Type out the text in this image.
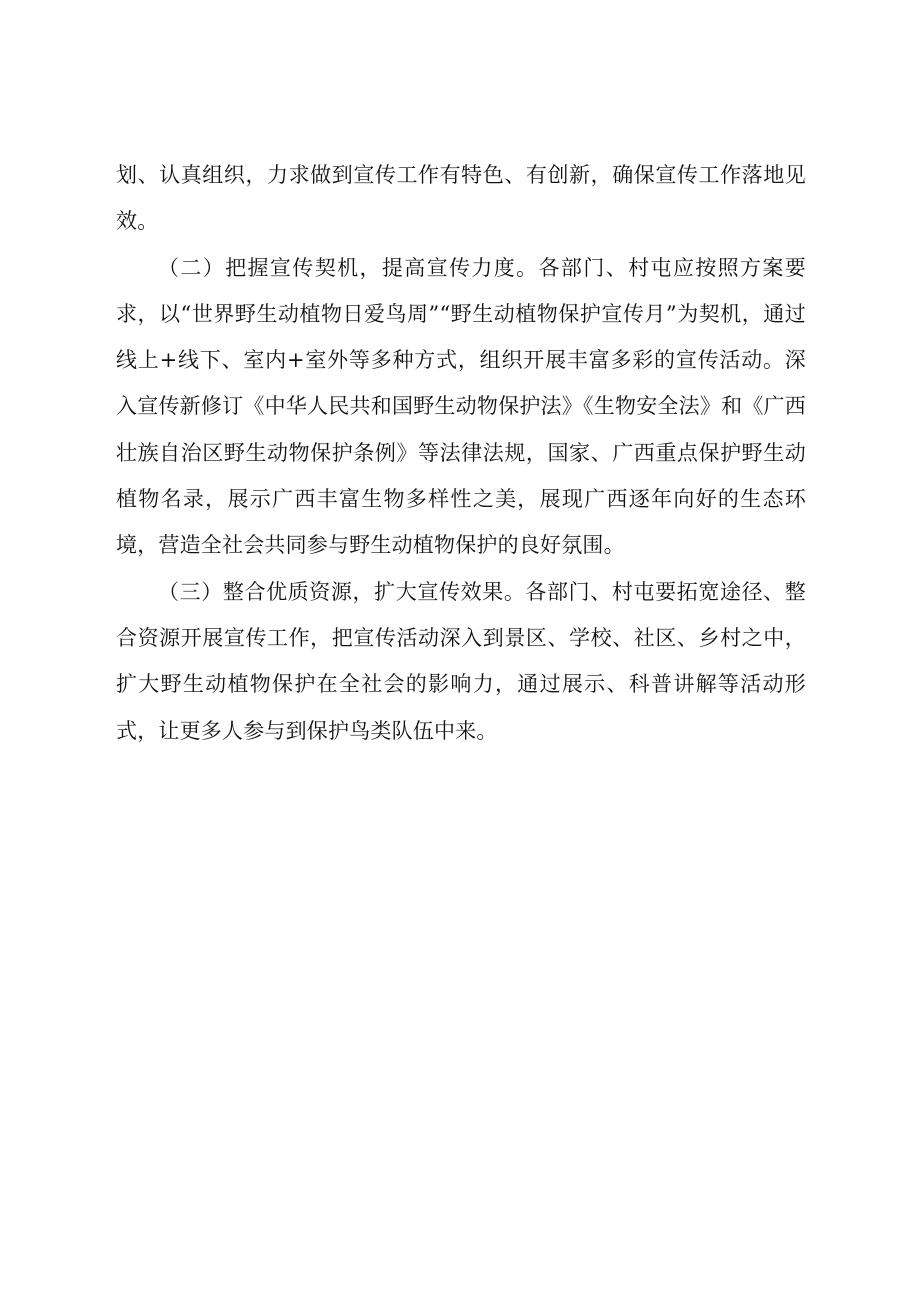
划、认真组织，力求做到宣传工作有特色、有创新，确保宣传工作落地见效。

（二）把握宣传契机，提高宣传力度。各部门、村屯应按照方案要求，以“世界野生动植物日爱鸟周”“野生动植物保护宣传月”为契机，通过线上+线下、室内+室外等多种方式，组织开展丰富多彩的宣传活动。深入宣传新修订《中华人民共和国野生动物保护法》《生物安全法》和《广西壮族自治区野生动物保护条例》等法律法规，国家、广西重点保护野生动植物名录，展示广西丰富生物多样性之美，展现广西逐年向好的生态环境，营造全社会共同参与野生动植物保护的良好氛围。

（三）整合优质资源，扩大宣传效果。各部门、村屯要拓宽途径、整合资源开展宣传工作，把宣传活动深入到景区、学校、社区、乡村之中，扩大野生动植物保护在全社会的影响力，通过展示、科普讲解等活动形式，让更多人参与到保护鸟类队伍中来。
